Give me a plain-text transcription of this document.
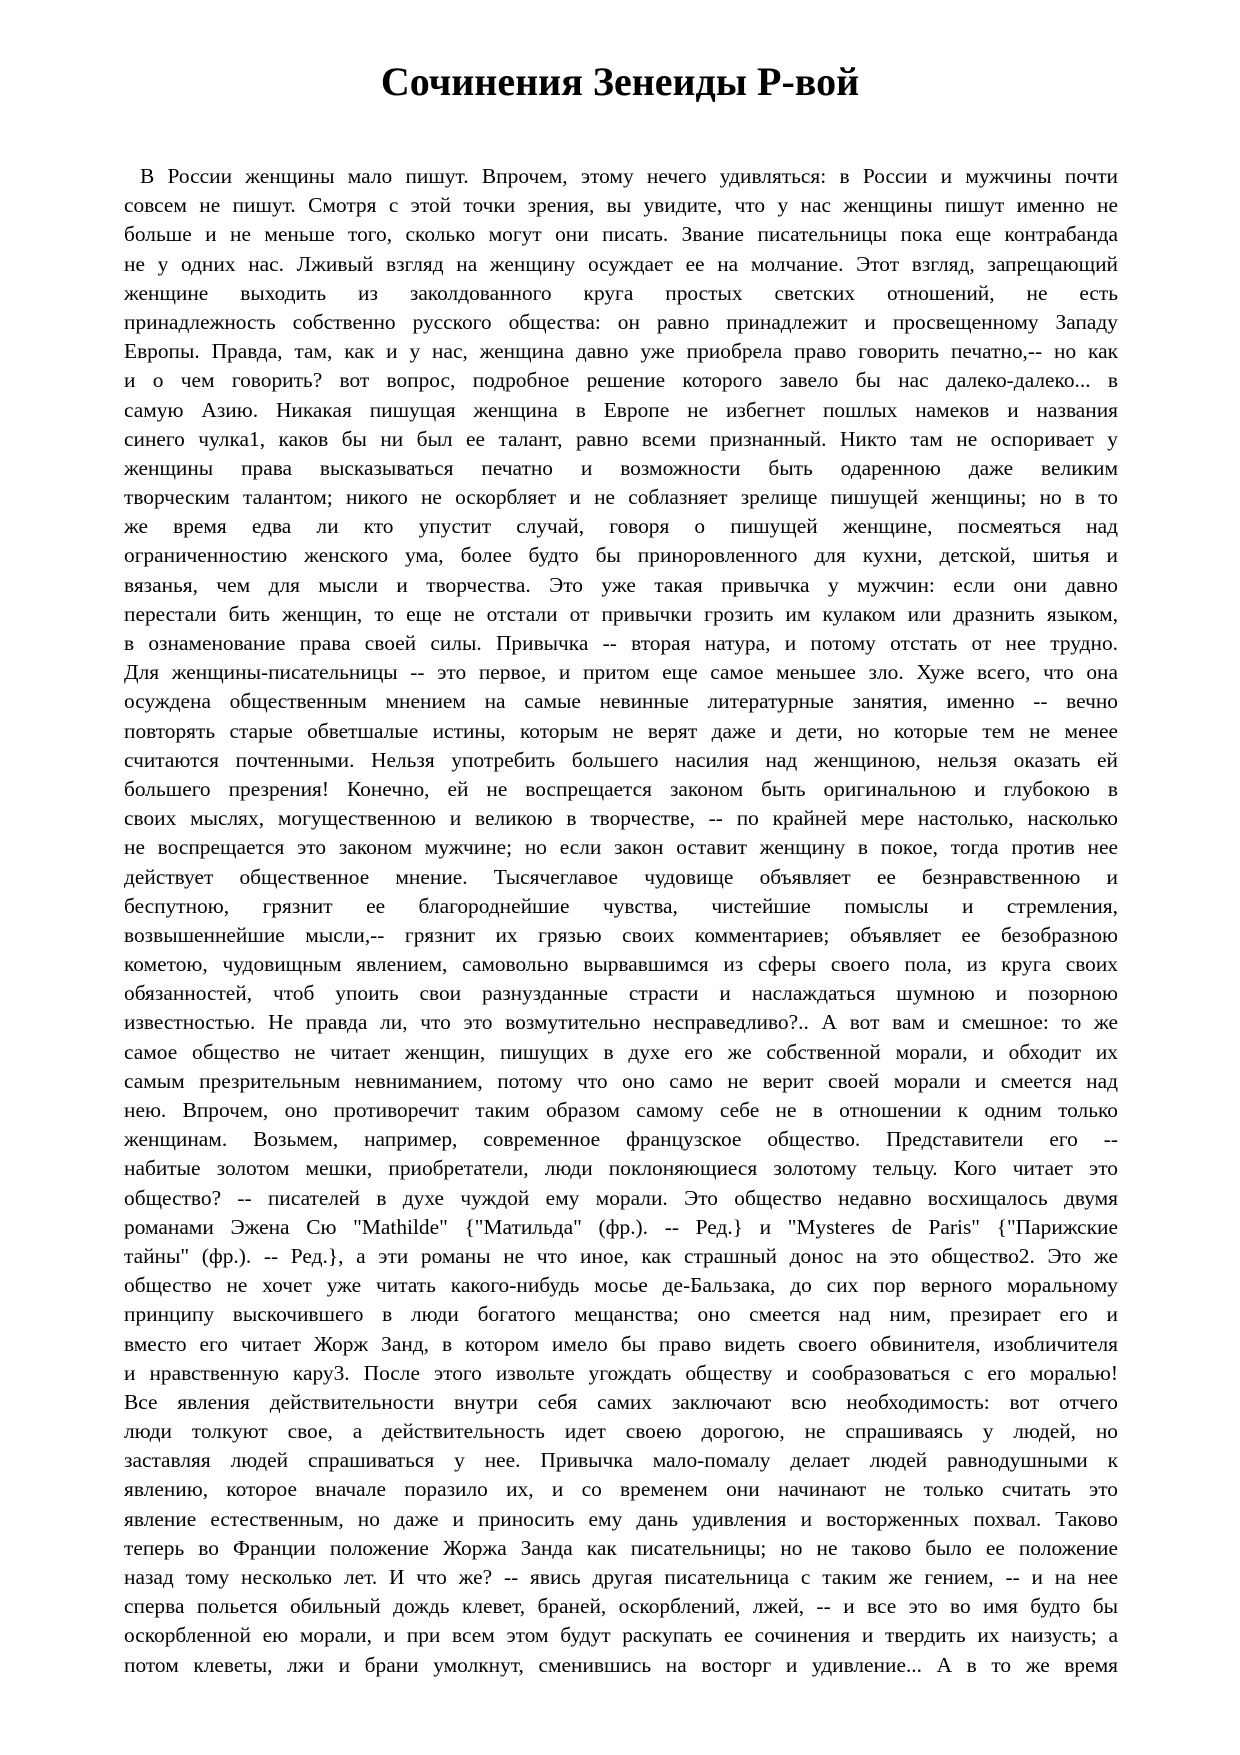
Сочинения Зенеиды Р-вой
В России женщины мало пишут. Впрочем, этому нечего удивляться: в России и мужчины почти
совсем не пишут. Смотря с этой точки зрения, вы увидите, что у нас женщины пишут именно не
больше и не меньше того, сколько могут они писать. Звание писательницы пока еще контрабанда
не у одних нас. Лживый взгляд на женщину осуждает ее на молчание. Этот взгляд, запрещающий
женщине выходить из заколдованного круга простых светских отношений, не есть
принадлежность собственно русского общества: он равно принадлежит и просвещенному Западу
Европы. Правда, там, как и у нас, женщина давно уже приобрела право говорить печатно,-- но как
и о чем говорить? вот вопрос, подробное решение которого завело бы нас далеко-далеко... в
самую Азию. Никакая пишущая женщина в Европе не избегнет пошлых намеков и названия
синего чулка1, каков бы ни был ее талант, равно всеми признанный. Никто там не оспоривает у
женщины права высказываться печатно и возможности быть одаренною даже великим
творческим талантом; никого не оскорбляет и не соблазняет зрелище пишущей женщины; но в то
же время едва ли кто упустит случай, говоря о пишущей женщине, посмеяться над
ограниченностию женского ума, более будто бы приноровленного для кухни, детской, шитья и
вязанья, чем для мысли и творчества. Это уже такая привычка у мужчин: если они давно
перестали бить женщин, то еще не отстали от привычки грозить им кулаком или дразнить языком,
в ознаменование права своей силы. Привычка -- вторая натура, и потому отстать от нее трудно.
Для женщины-писательницы -- это первое, и притом еще самое меньшее зло. Хуже всего, что она
осуждена общественным мнением на самые невинные литературные занятия, именно -- вечно
повторять старые обветшалые истины, которым не верят даже и дети, но которые тем не менее
считаются почтенными. Нельзя употребить большего насилия над женщиною, нельзя оказать ей
большего презрения! Конечно, ей не воспрещается законом быть оригинальною и глубокою в
своих мыслях, могущественною и великою в творчестве, -- по крайней мере настолько, насколько
не воспрещается это законом мужчине; но если закон оставит женщину в покое, тогда против нее
действует общественное мнение. Тысячеглавое чудовище объявляет ее безнравственною и
беспутною, грязнит ее благороднейшие чувства, чистейшие помыслы и стремления,
возвышеннейшие мысли,-- грязнит их грязью своих комментариев; объявляет ее безобразною
кометою, чудовищным явлением, самовольно вырвавшимся из сферы своего пола, из круга своих
обязанностей, чтоб упоить свои разнузданные страсти и наслаждаться шумною и позорною
известностью. Не правда ли, что это возмутительно несправедливо?.. А вот вам и смешное: то же
самое общество не читает женщин, пишущих в духе его же собственной морали, и обходит их
самым презрительным невниманием, потому что оно само не верит своей морали и смеется над
нею. Впрочем, оно противоречит таким образом самому себе не в отношении к одним только
женщинам. Возьмем, например, современное французское общество. Представители его --
набитые золотом мешки, приобретатели, люди поклоняющиеся золотому тельцу. Кого читает это
общество? -- писателей в духе чуждой ему морали. Это общество недавно восхищалось двумя
романами Эжена Сю "Mathilde" {"Матильда" (фр.). -- Ред.} и "Mysteres de Paris" {"Парижские
тайны" (фр.). -- Ред.}, а эти романы не что иное, как страшный донос на это общество2. Это же
общество не хочет уже читать какого-нибудь мосье де-Бальзака, до сих пор верного моральному
принципу выскочившего в люди богатого мещанства; оно смеется над ним, презирает его и
вместо его читает Жорж Занд, в котором имело бы право видеть своего обвинителя, изобличителя
и нравственную кару3. После этого извольте угождать обществу и сообразоваться с его моралью!
Все явления действительности внутри себя самих заключают всю необходимость: вот отчего
люди толкуют свое, а действительность идет своею дорогою, не спрашиваясь у людей, но
заставляя людей спрашиваться у нее. Привычка мало-помалу делает людей равнодушными к
явлению, которое вначале поразило их, и со временем они начинают не только считать это
явление естественным, но даже и приносить ему дань удивления и восторженных похвал. Таково
теперь во Франции положение Жоржа Занда как писательницы; но не таково было ее положение
назад тому несколько лет. И что же? -- явись другая писательница с таким же гением, -- и на нее
сперва польется обильный дождь клевет, браней, оскорблений, лжей, -- и все это во имя будто бы
оскорбленной ею морали, и при всем этом будут раскупать ее сочинения и твердить их наизусть; а
потом клеветы, лжи и брани умолкнут, сменившись на восторг и удивление... А в то же время
